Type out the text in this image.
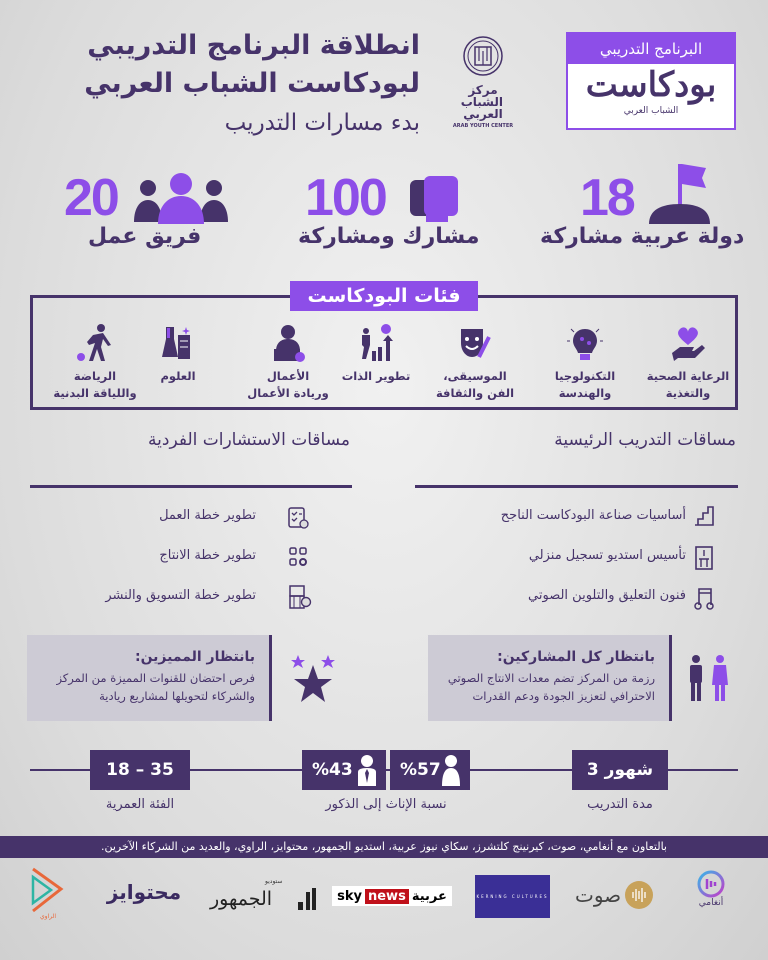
البرنامج التدريبي
بودكاست
الشباب العربي
مركز الشباب العربي
ARAB YOUTH CENTER
انطلاقة البرنامج التدريبي
لبودكاست الشباب العربي
بدء مسارات التدريب
18
دولة عربية مشاركة
100
مشارك ومشاركة
20
فريق عمل
فئات البودكاست
الرعاية الصحية
والتغذية
التكنولوجيا
والهندسة
الموسيقى،
الفن والثقافة
تطوير الذات
الأعمال
وريادة الأعمال
العلوم
الرياضة
واللياقة البدنية
مساقات التدريب الرئيسية
مساقات الاستشارات الفردية
أساسيات صناعة البودكاست الناجح
تأسيس استديو تسجيل منزلي
فنون التعليق والتلوين الصوتي
تطوير خطة العمل
تطوير خطة الانتاج
تطوير خطة التسويق والنشر
بانتظار كل المشاركين:

رزمة من المركز تضم معدات الانتاج الصوتي الاحترافي لتعزيز الجودة ودعم القدرات

بانتظار المميزين:

فرص احتضان للقنوات المميزة من المركز والشركاء لتحويلها لمشاريع ريادية

3 شهور
مدة التدريب
%57
%43
نسبة الإناث إلى الذكور
18 – 35
الفئة العمرية
بالتعاون مع أنغامي، صوت، كيرنينج كلتشرز، سكاي نيوز عربية، استديو الجمهور، محتوايز، الراوي، والعديد من الشركاء الآخرين.
أنغامي
صوت
KERNING CULTURES
sky news عربية
ستوديو
الجمهور
محتوايز
الراوي
